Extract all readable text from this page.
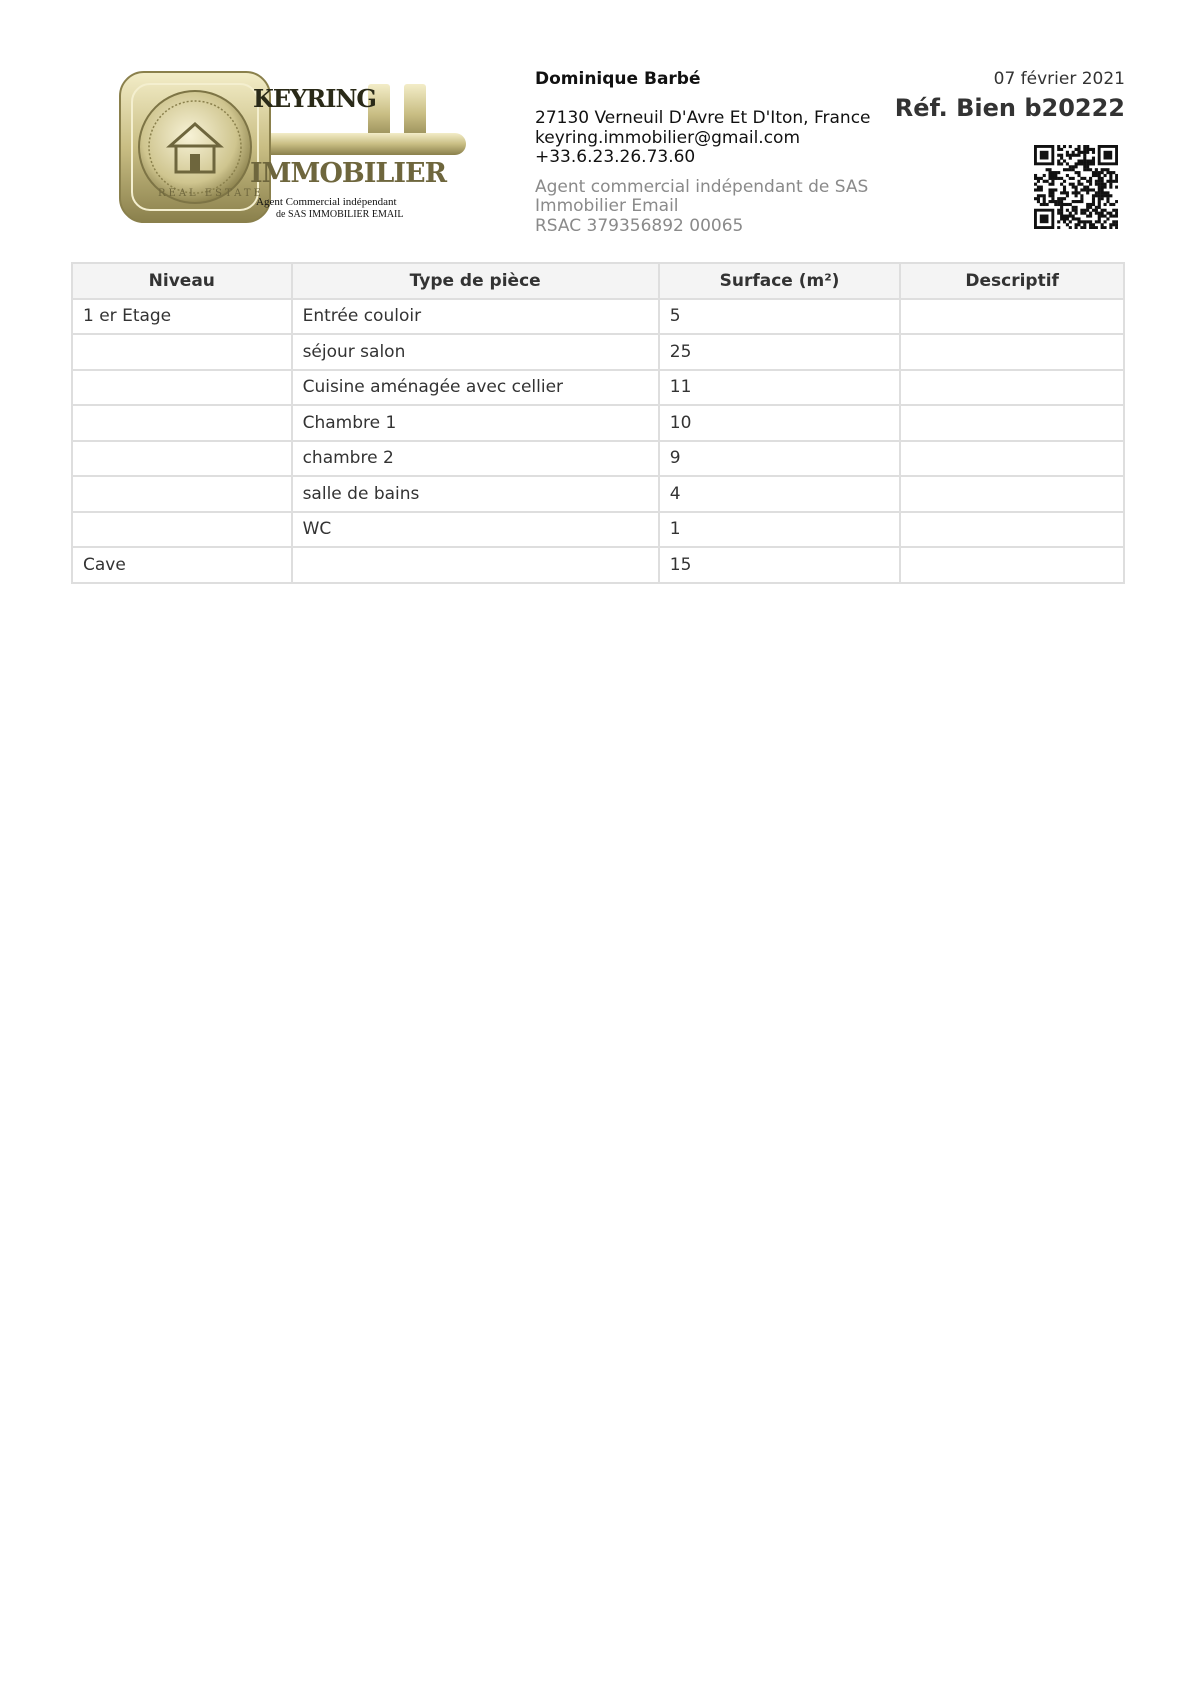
KEYRING
REAL ESTATE
IMMOBILIER
Agent Commercial indépendant
de SAS IMMOBILIER EMAIL
Dominique Barbé
27130 Verneuil D'Avre Et D'Iton, France
keyring.immobilier@gmail.com
+33.6.23.26.73.60
Agent commercial indépendant de SAS
Immobilier Email
RSAC 379356892 00065
07 février 2021
Réf. Bien b20222
Niveau	Type de pièce	Surface (m²)	Descriptif
1 er Etage	Entrée couloir	5	
	séjour salon	25	
	Cuisine aménagée avec cellier	11	
	Chambre 1	10	
	chambre 2	9	
	salle de bains	4	
	WC	1	
Cave		15	
